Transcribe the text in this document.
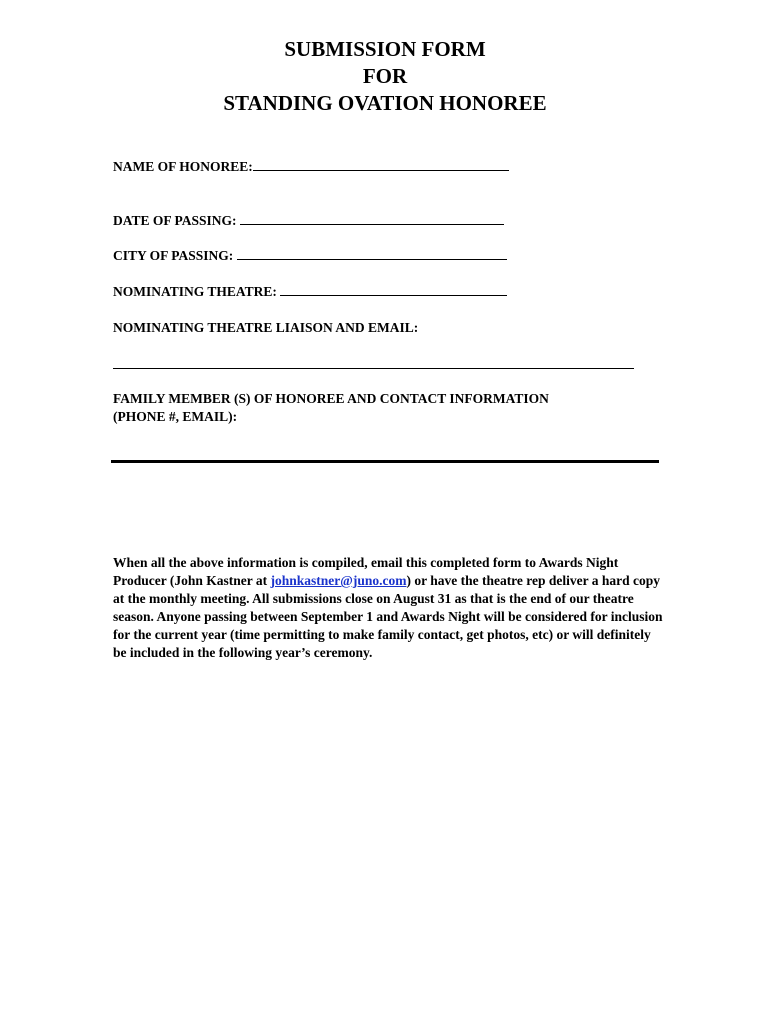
SUBMISSION FORM
FOR
STANDING OVATION HONOREE
NAME OF HONOREE:
DATE OF PASSING:
CITY OF PASSING:
NOMINATING THEATRE:
NOMINATING THEATRE LIAISON AND EMAIL:
FAMILY MEMBER (S) OF HONOREE AND CONTACT INFORMATION
(PHONE #, EMAIL):
When all the above information is compiled, email this completed form to Awards Night Producer (John Kastner at johnkastner@juno.com) or have the theatre rep deliver a hard copy at the monthly meeting. All submissions close on August 31 as that is the end of our theatre season. Anyone passing between September 1 and Awards Night will be considered for inclusion for the current year (time permitting to make family contact, get photos, etc) or will definitely be included in the following year’s ceremony.
